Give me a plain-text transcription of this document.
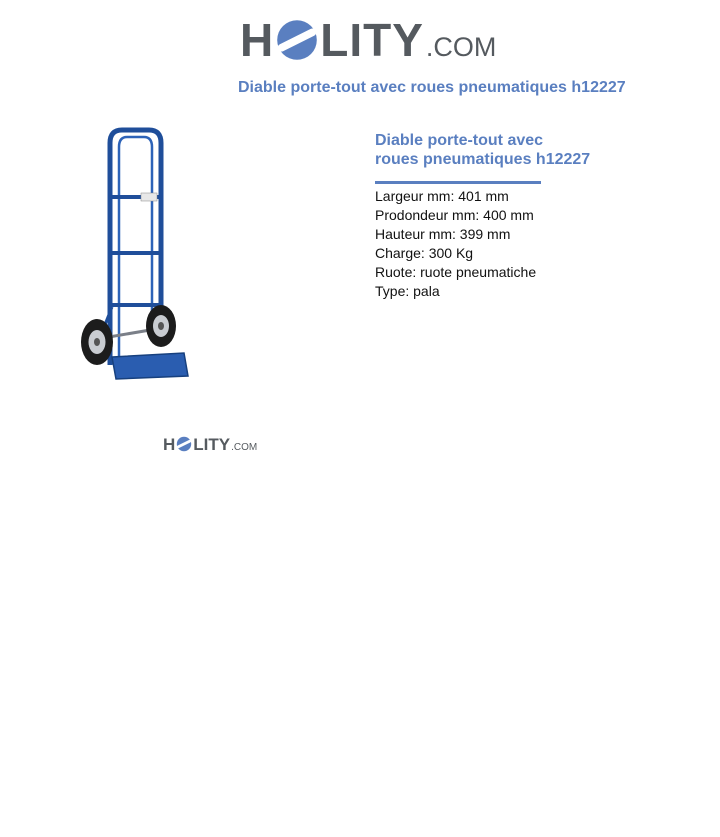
H LITY .COM
Diable porte-tout avec roues pneumatiques h12227
Diable porte-tout avec
roues pneumatiques h12227
Largeur mm: 401 mm
Prodondeur mm: 400 mm
Hauteur mm: 399 mm
Charge: 300 Kg
Ruote: ruote pneumatiche
Type: pala
H LITY .COM
